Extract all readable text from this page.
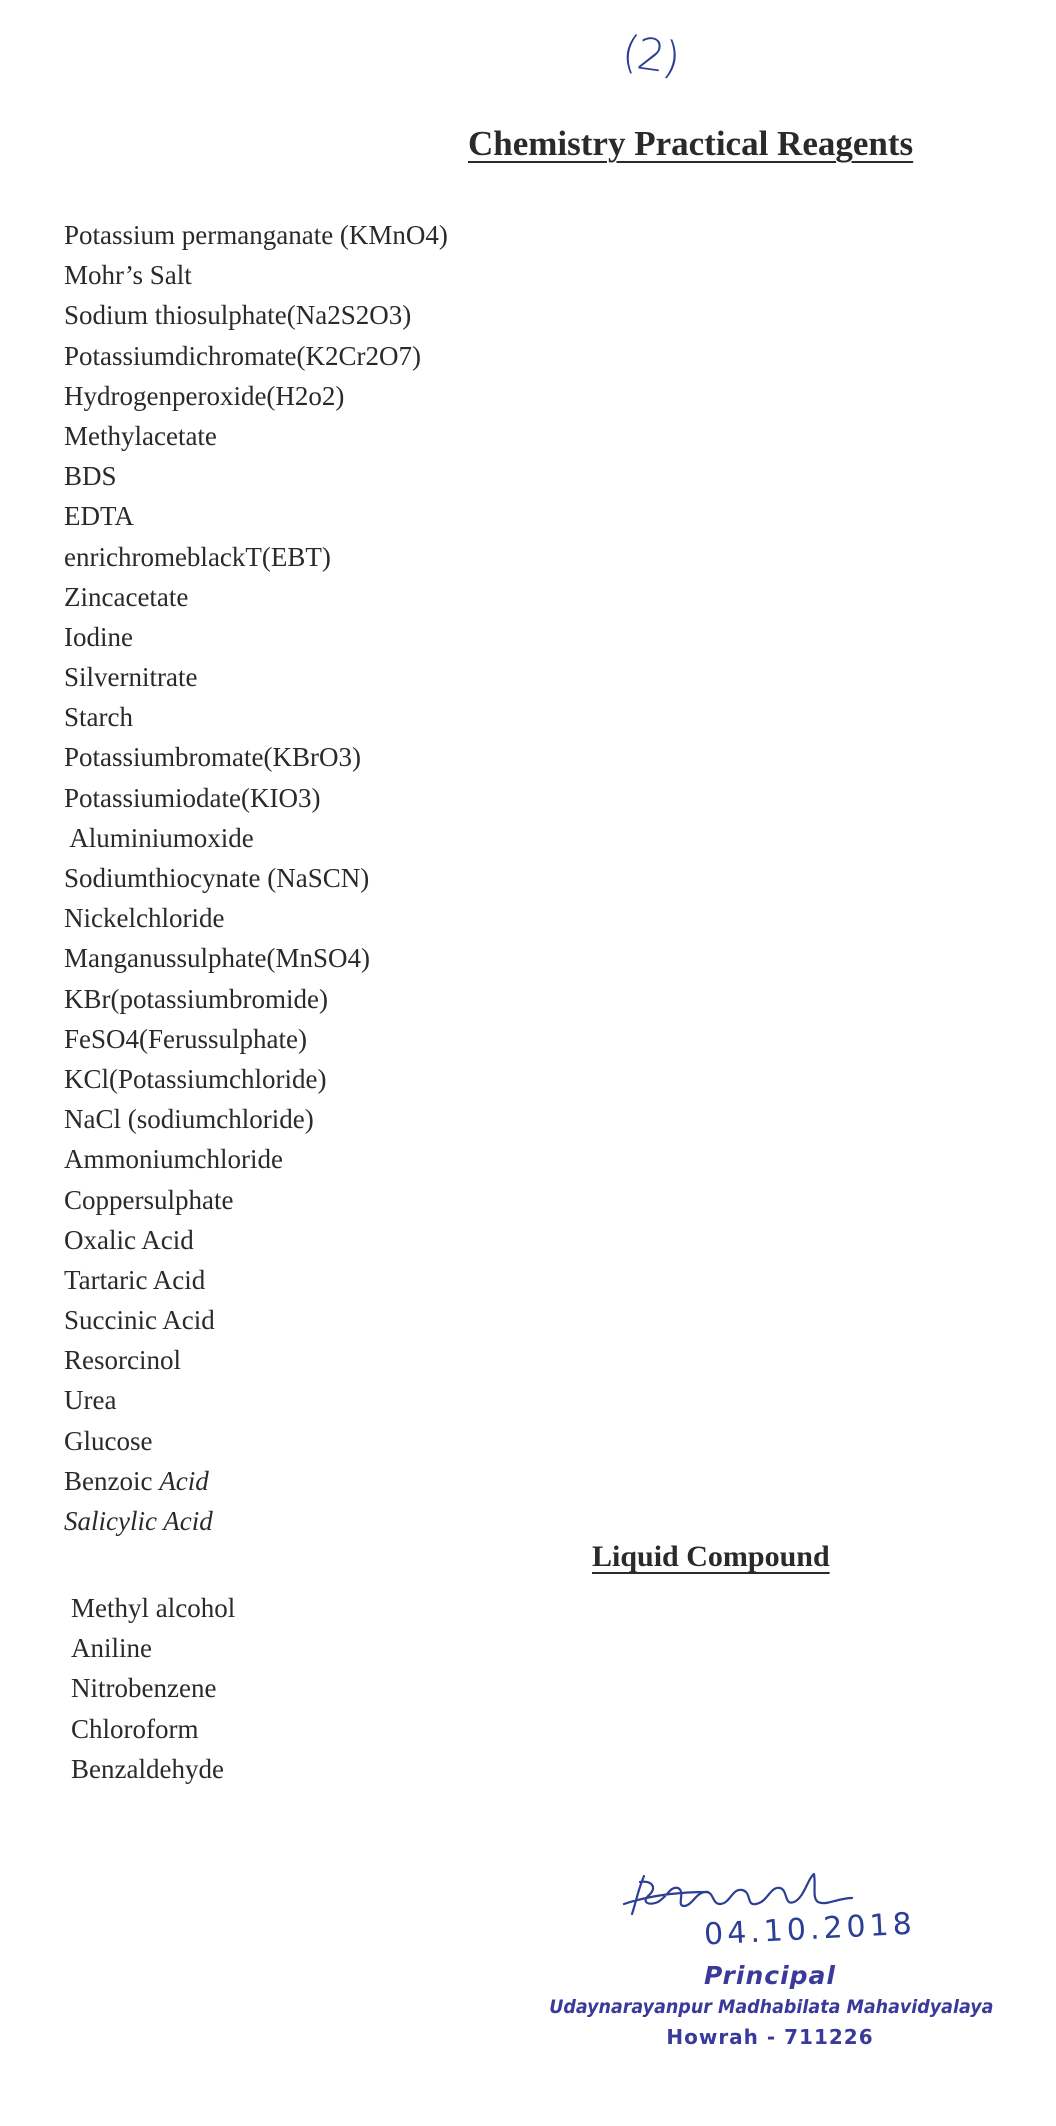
(2)
Chemistry Practical Reagents
Potassium permanganate (KMnO4)
Mohr’s Salt
Sodium thiosulphate(Na2S2O3)
Potassiumdichromate(K2Cr2O7)
Hydrogenperoxide(H2o2)
Methylacetate
BDS
EDTA
enrichromeblackT(EBT)
Zincacetate
Iodine
Silvernitrate
Starch
Potassiumbromate(KBrO3)
Potassiumiodate(KIO3)
Aluminiumoxide
Sodiumthiocynate (NaSCN)
Nickelchloride
Manganussulphate(MnSO4)
KBr(potassiumbromide)
FeSO4(Ferussulphate)
KCl(Potassiumchloride)
NaCl (sodiumchloride)
Ammoniumchloride
Coppersulphate
Oxalic Acid
Tartaric Acid
Succinic Acid
Resorcinol
Urea
Glucose
Benzoic Acid
Salicylic Acid
Liquid Compound
Methyl alcohol
Aniline
Nitrobenzene
Chloroform
Benzaldehyde
04.10.2018
Principal
Udaynarayanpur Madhabilata Mahavidyalaya
Howrah - 711226
